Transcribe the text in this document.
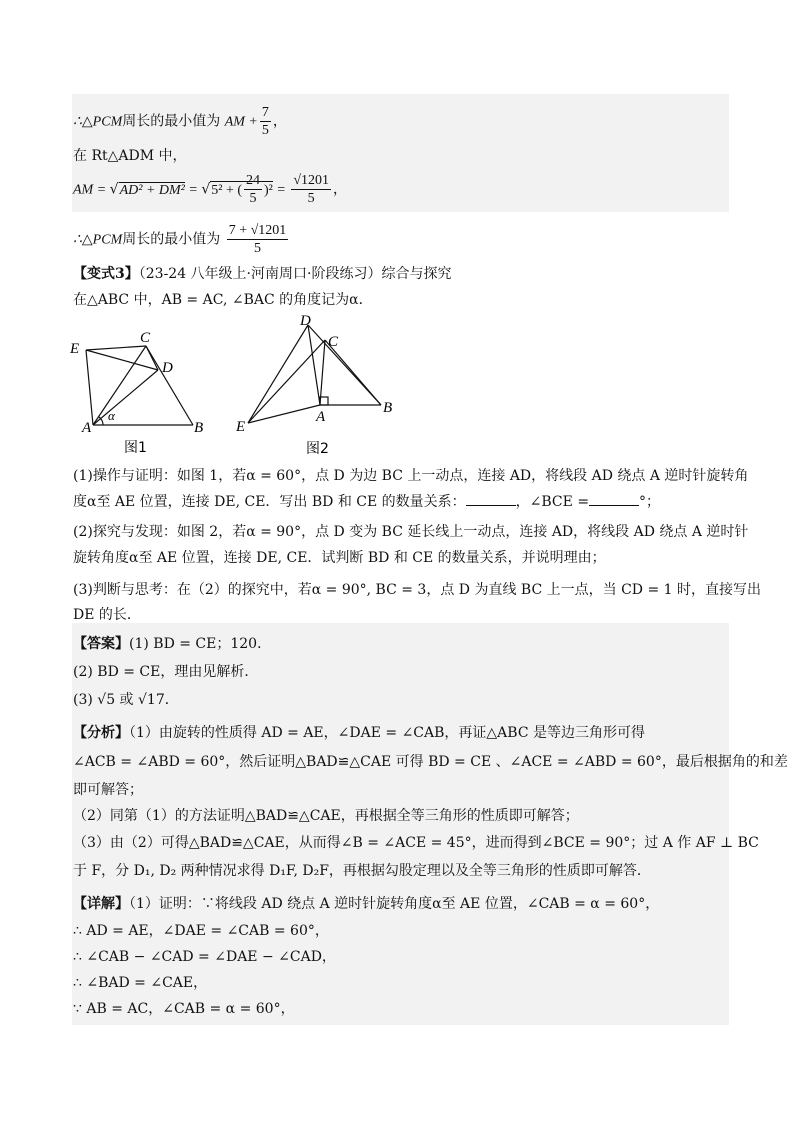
∴△PCM周长的最小值为 AM + $\frac{7}{5}$ ，
在 Rt△ADM 中，
AM = √AD² + DM² = √5² + ( $\frac{24}{5} )^2 = \frac{√1201}{5}$ ，
∴△PCM周长的最小值为 $\frac{7 + √1201}{5}$
【变式3】（23-24 八年级上·河南周口·阶段练习）综合与探究
在△ABC 中，AB = AC, ∠BAC 的角度记为α．
E
C
D
A	B
α
图1
D
C
E
A
B
图2
(1)操作与证明：如图 1，若α = 60°，点 D 为边 BC 上一动点，连接 AD，将线段 AD 绕点 A 逆时针旋转角
度α至 AE 位置，连接 DE, CE．写出 BD 和 CE 的数量关系：	，∠BCE =	°；
(2)探究与发现：如图 2，若α = 90°，点 D 变为 BC 延长线上一动点，连接 AD，将线段 AD 绕点 A 逆时针
旋转角度α至 AE 位置，连接 DE, CE．试判断 BD 和 CE 的数量关系，并说明理由；
(3)判断与思考：在（2）的探究中，若α = 90°, BC = 3，点 D 为直线 BC 上一点，当 CD = 1 时，直接写出
DE 的长．
【答案】(1) BD = CE；120．
(2) BD = CE，理由见解析．
(3) √5 或 √17．
【分析】（1）由旋转的性质得 AD = AE，∠DAE = ∠CAB，再证△ABC 是等边三角形可得
∠ACB = ∠ABD = 60°，然后证明△BAD≌△CAE 可得 BD = CE 、∠ACE = ∠ABD = 60°，最后根据角的和差
即可解答；
（2）同第（1）的方法证明△BAD≌△CAE，再根据全等三角形的性质即可解答；
（3）由（2）可得△BAD≌△CAE，从而得∠B = ∠ACE = 45°，进而得到∠BCE = 90°；过 A 作 AF ⊥ BC
于 F，分 D₁, D₂ 两种情况求得 D₁F, D₂F，再根据勾股定理以及全等三角形的性质即可解答．
【详解】（1）证明：∵将线段 AD 绕点 A 逆时针旋转角度α至 AE 位置，∠CAB = α = 60°，
∴ AD = AE，∠DAE = ∠CAB = 60°，
∴ ∠CAB − ∠CAD = ∠DAE − ∠CAD，
∴ ∠BAD = ∠CAE，
∵ AB = AC，∠CAB = α = 60°，
